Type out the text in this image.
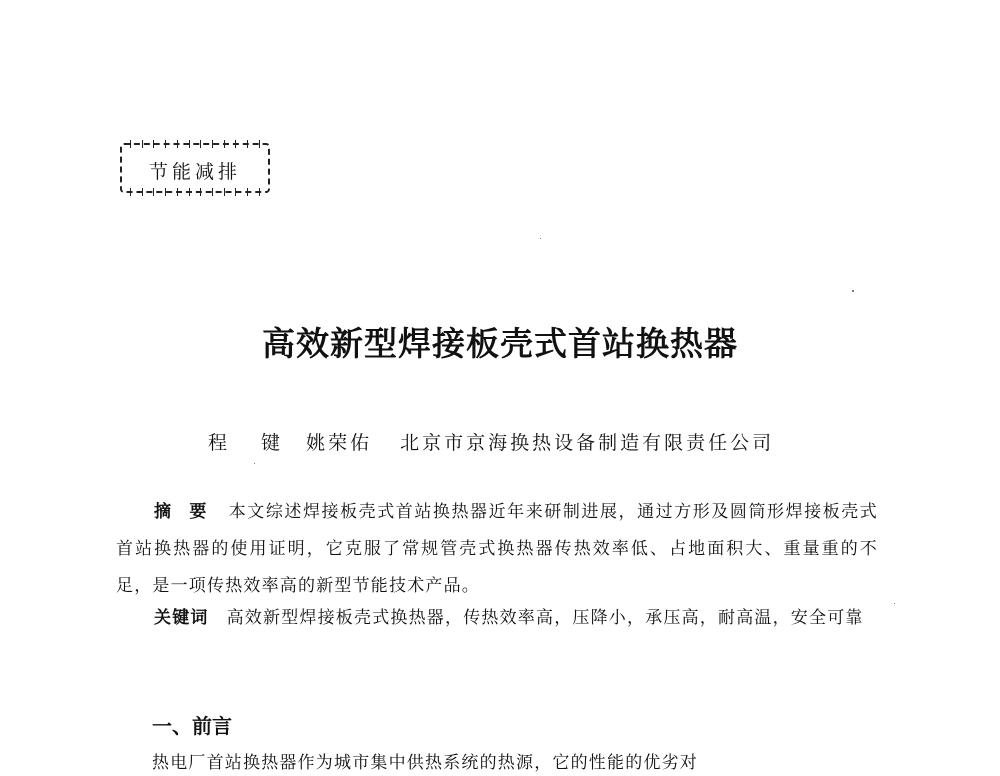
节能减排
高效新型焊接板壳式首站换热器
程 键 姚荣佑 北京市京海换热设备制造有限责任公司
摘要 本文综述焊接板壳式首站换热器近年来研制进展，通过方形及圆筒形焊接板壳式首站换热器的使用证明，它克服了常规管壳式换热器传热效率低、占地面积大、重量重的不足，是一项传热效率高的新型节能技术产品。
关键词 高效新型焊接板壳式换热器，传热效率高，压降小，承压高，耐高温，安全可靠
一、前言
热电厂首站换热器作为城市集中供热系统的热源，它的性能的优劣对
